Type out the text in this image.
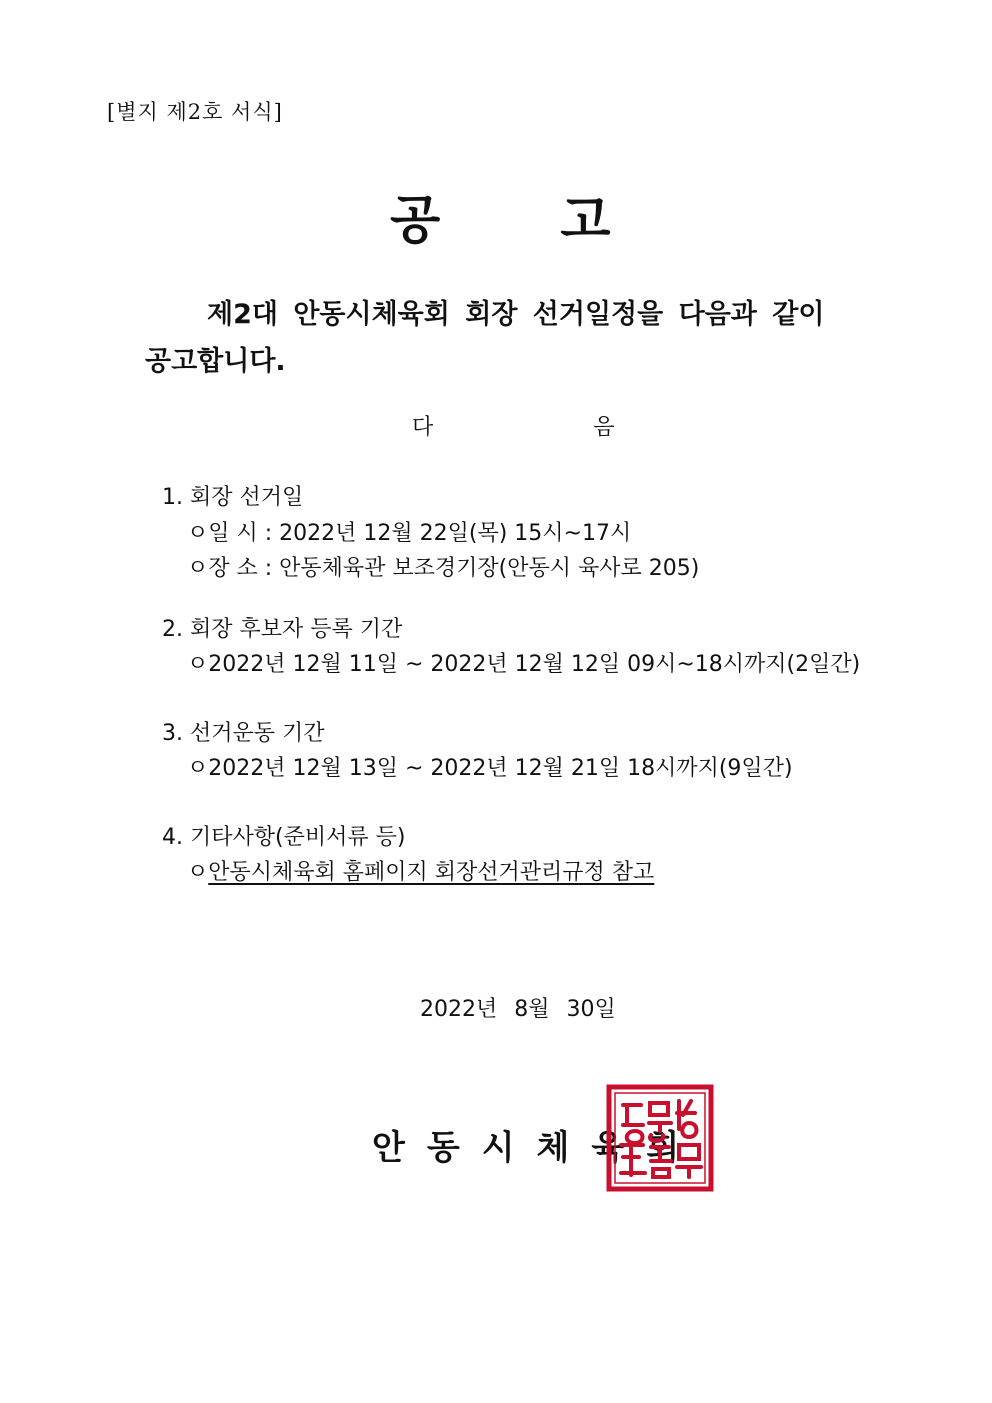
[별지 제2호 서식]
공 고
제2대 안동시체육회 회장 선거일정을 다음과 같이
공고합니다.
다	음
1. 회장 선거일
ㅇ일 시 : 2022년 12월 22일(목) 15시~17시
ㅇ장 소 : 안동체육관 보조경기장(안동시 육사로 205)
2. 회장 후보자 등록 기간
ㅇ2022년 12월 11일 ~ 2022년 12월 12일 09시~18시까지(2일간)
3. 선거운동 기간
ㅇ2022년 12월 13일 ~ 2022년 12월 21일 18시까지(9일간)
4. 기타사항(준비서류 등)
ㅇ안동시체육회 홈페이지 회장선거관리규정 참고
2022년 8월 30일
안동시체육회
